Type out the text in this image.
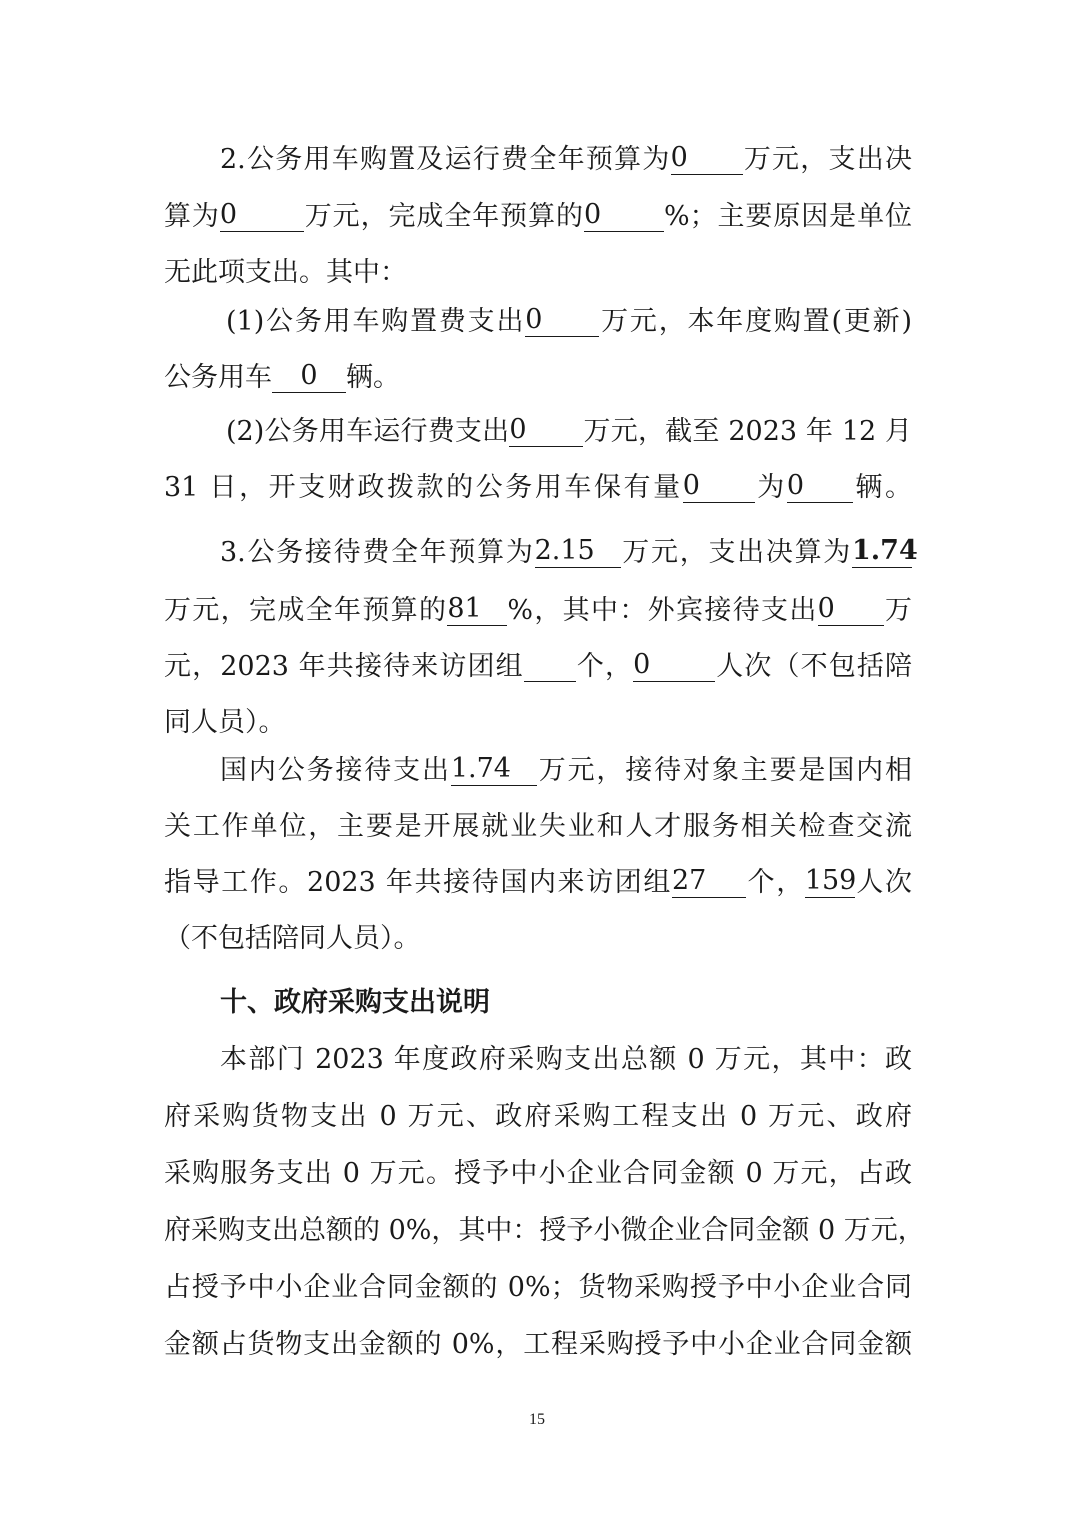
2.公务用车购置及运行费全年预算为0 万元，支出决
算为0 万元，完成全年预算的0 %；主要原因是单位
无此项支出。其中：
(1)公务用车购置费支出0 万元，本年度购置(更新)
公务用车 0 辆。
(2)公务用车运行费支出0 万元，截至 2023 年 12 月
31 日，开支财政拨款的公务用车保有量0 为0 辆。
3.公务接待费全年预算为2.15 万元，支出决算为1.74
万元，完成全年预算的81 %，其中：外宾接待支出0 万
元，2023 年共接待来访团组 个，0 人次（不包括陪
同人员）。
国内公务接待支出1.74 万元，接待对象主要是国内相
关工作单位，主要是开展就业失业和人才服务相关检查交流
指导工作。2023 年共接待国内来访团组27 个，159人次
（不包括陪同人员）。
十、政府采购支出说明
本部门 2023 年度政府采购支出总额 0 万元，其中：政
府采购货物支出 0 万元、政府采购工程支出 0 万元、政府
采购服务支出 0 万元。授予中小企业合同金额 0 万元，占政
府采购支出总额的 0%，其中：授予小微企业合同金额 0 万元，
占授予中小企业合同金额的 0%；货物采购授予中小企业合同
金额占货物支出金额的 0%，工程采购授予中小企业合同金额
15
